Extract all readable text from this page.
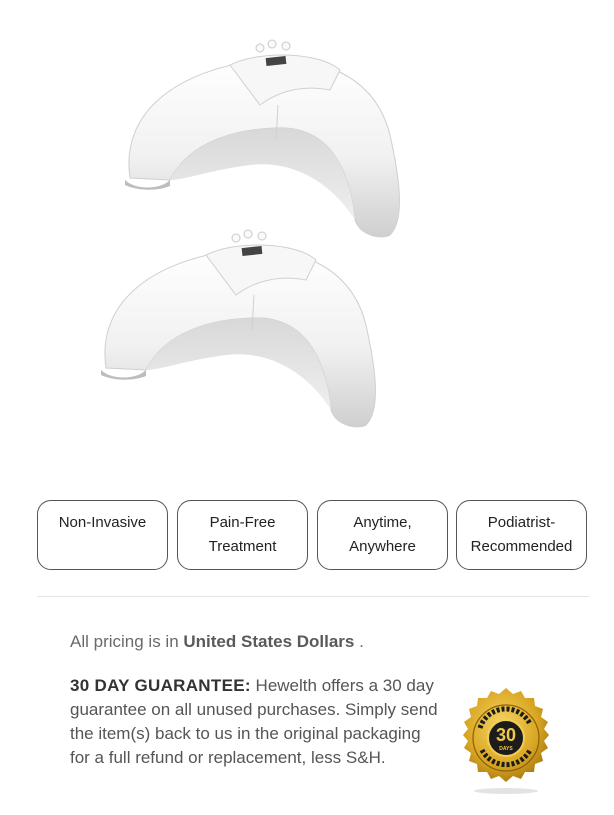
Non-Invasive	Pain-Free Treatment
Anytime, Anywhere
Podiatrist-Recommended
All pricing is in United States Dollars .
30 DAY GUARANTEE: Hewelth offers a 30 day guarantee on all unused purchases. Simply send the item(s) back to us in the original packaging for a full refund or replacement, less S&H.
30
DAYS
